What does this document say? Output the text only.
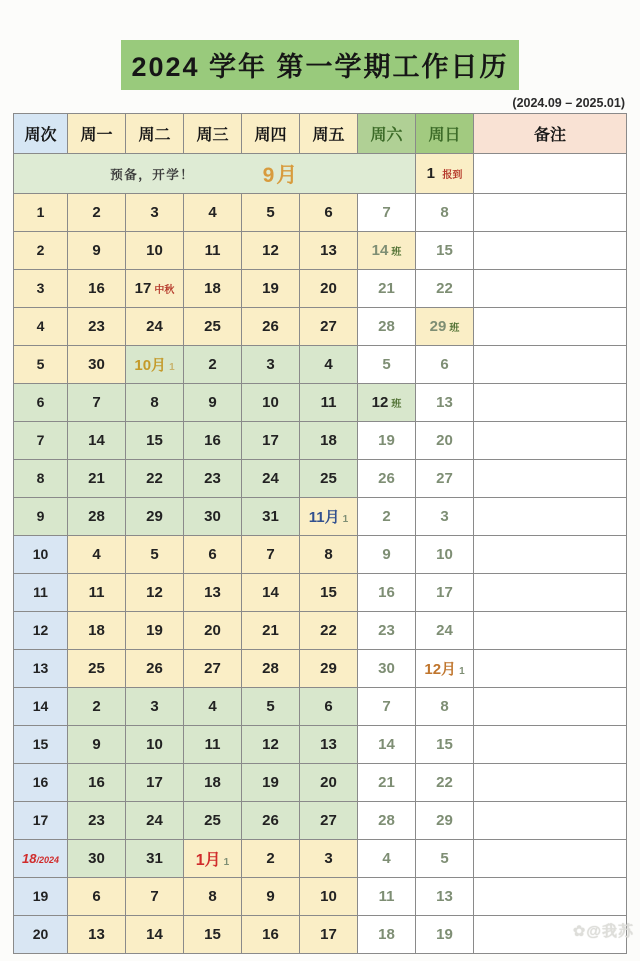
2024 学年 第一学期工作日历
(2024.09 – 2025.01)
周次	周一	周二	周三	周四	周五	周六	周日	备注

预备，开学！ 9月							1 报到	
1	2	3	4	5	6	7	8	
2	9	10	11	12	13	14 班	15	
3	16	17 中秋	18	19	20	21	22	
4	23	24	25	26	27	28	29 班	
5	30	10月 1	2	3	4	5	6	
6	7	8	9	10	11	12 班	13	
7	14	15	16	17	18	19	20	
8	21	22	23	24	25	26	27	
9	28	29	30	31	11月 1	2	3	
10	4	5	6	7	8	9	10	
11	11	12	13	14	15	16	17	
12	18	19	20	21	22	23	24	
13	25	26	27	28	29	30	12月 1	
14	2	3	4	5	6	7	8	
15	9	10	11	12	13	14	15	
16	16	17	18	19	20	21	22	
17	23	24	25	26	27	28	29	
18/2024	30	31	1月 1	2	3	4	5	
19	6	7	8	9	10	11	13	
20	13	14	15	16	17	18	19		✿@我苏
